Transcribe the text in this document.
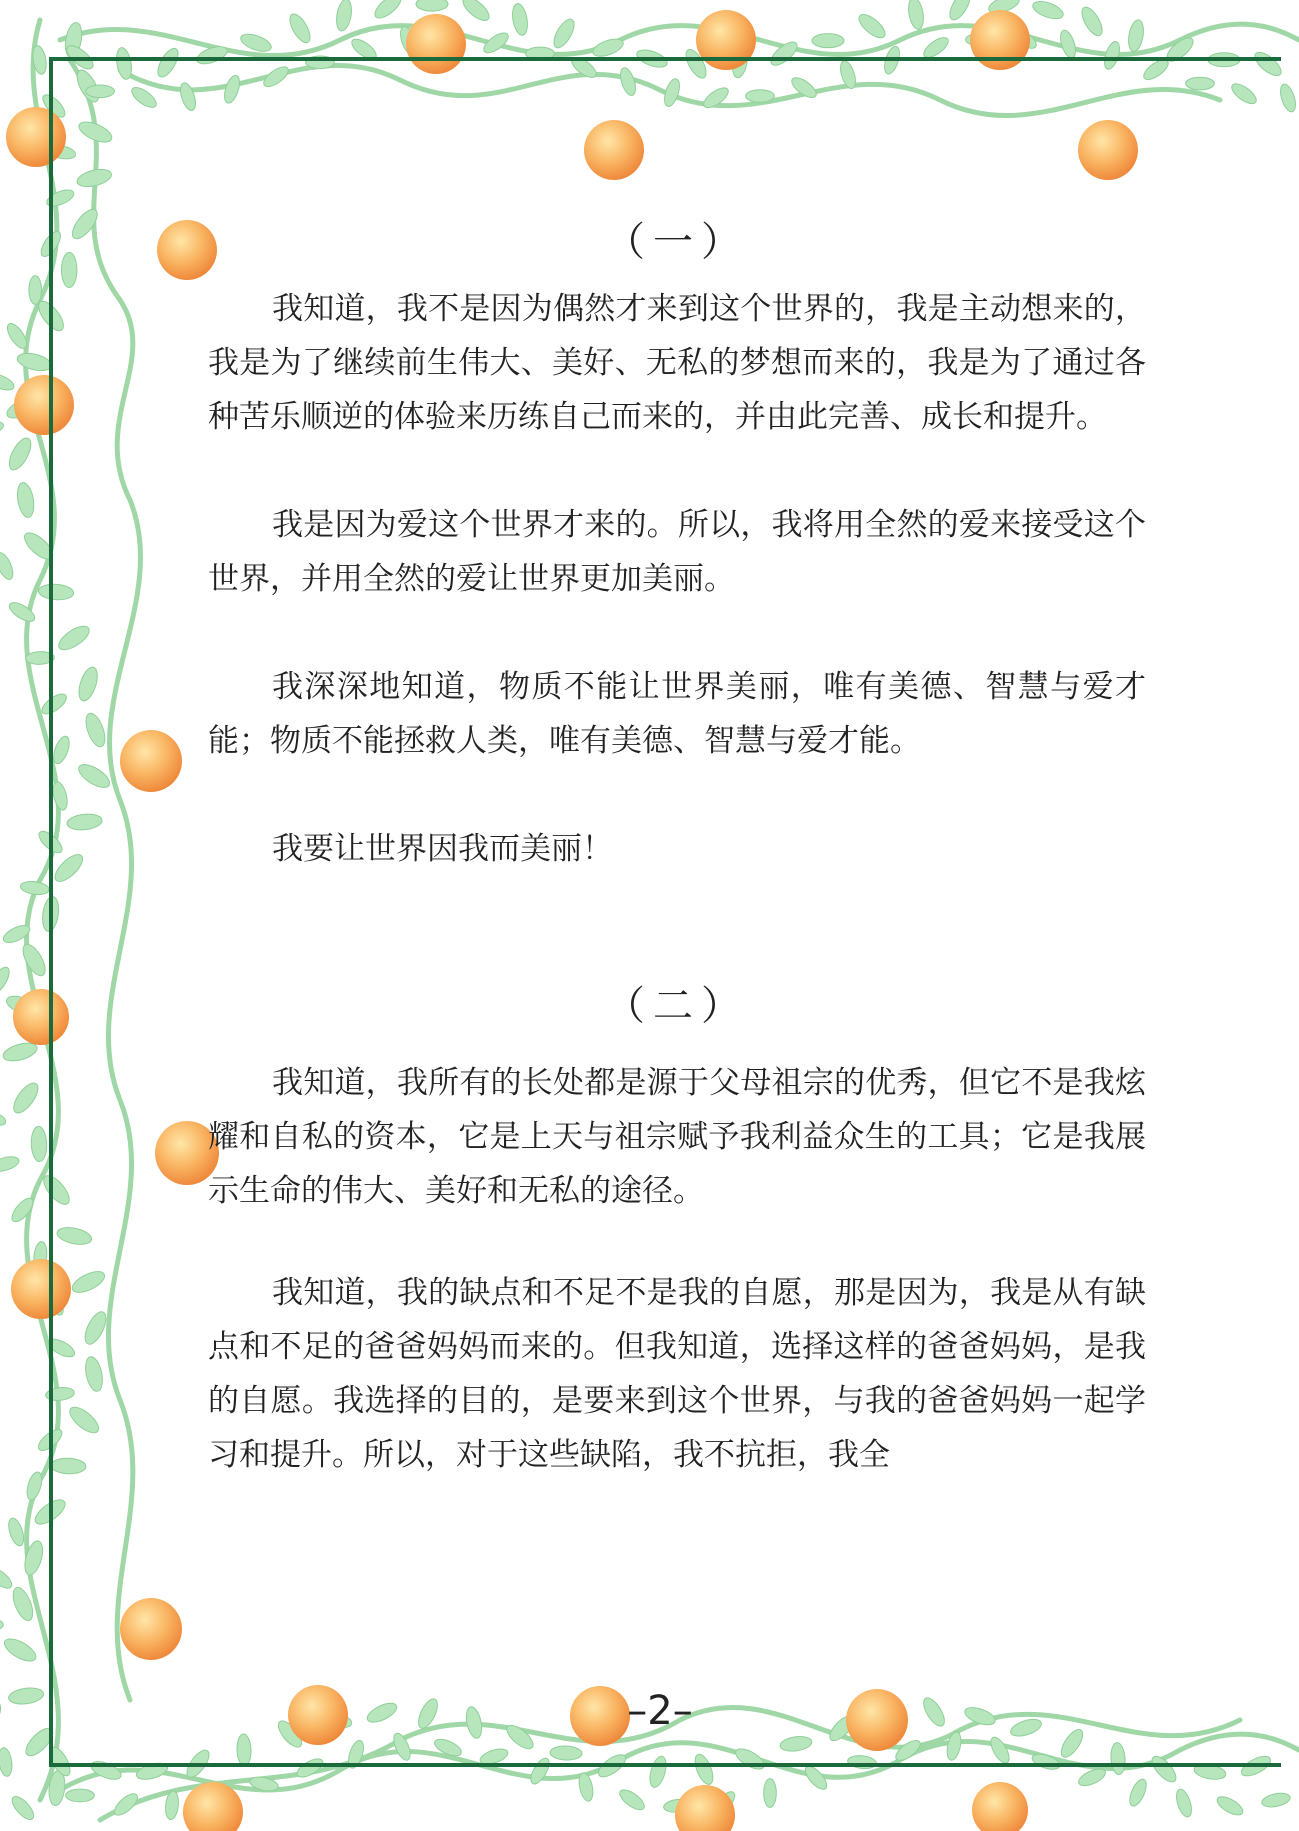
（一）

我知道，我不是因为偶然才来到这个世界的，我是主动想来的，我是为了继续前生伟大、美好、无私的梦想而来的，我是为了通过各种苦乐顺逆的体验来历练自己而来的，并由此完善、成长和提升。

我是因为爱这个世界才来的。所以，我将用全然的爱来接受这个世界，并用全然的爱让世界更加美丽。

我深深地知道，物质不能让世界美丽，唯有美德、智慧与爱才能；物质不能拯救人类，唯有美德、智慧与爱才能。

我要让世界因我而美丽！

（二）

我知道，我所有的长处都是源于父母祖宗的优秀，但它不是我炫耀和自私的资本，它是上天与祖宗赋予我利益众生的工具；它是我展示生命的伟大、美好和无私的途径。

我知道，我的缺点和不足不是我的自愿，那是因为，我是从有缺点和不足的爸爸妈妈而来的。但我知道，选择这样的爸爸妈妈，是我的自愿。我选择的目的，是要来到这个世界，与我的爸爸妈妈一起学习和提升。所以，对于这些缺陷，我不抗拒，我全

–2–
